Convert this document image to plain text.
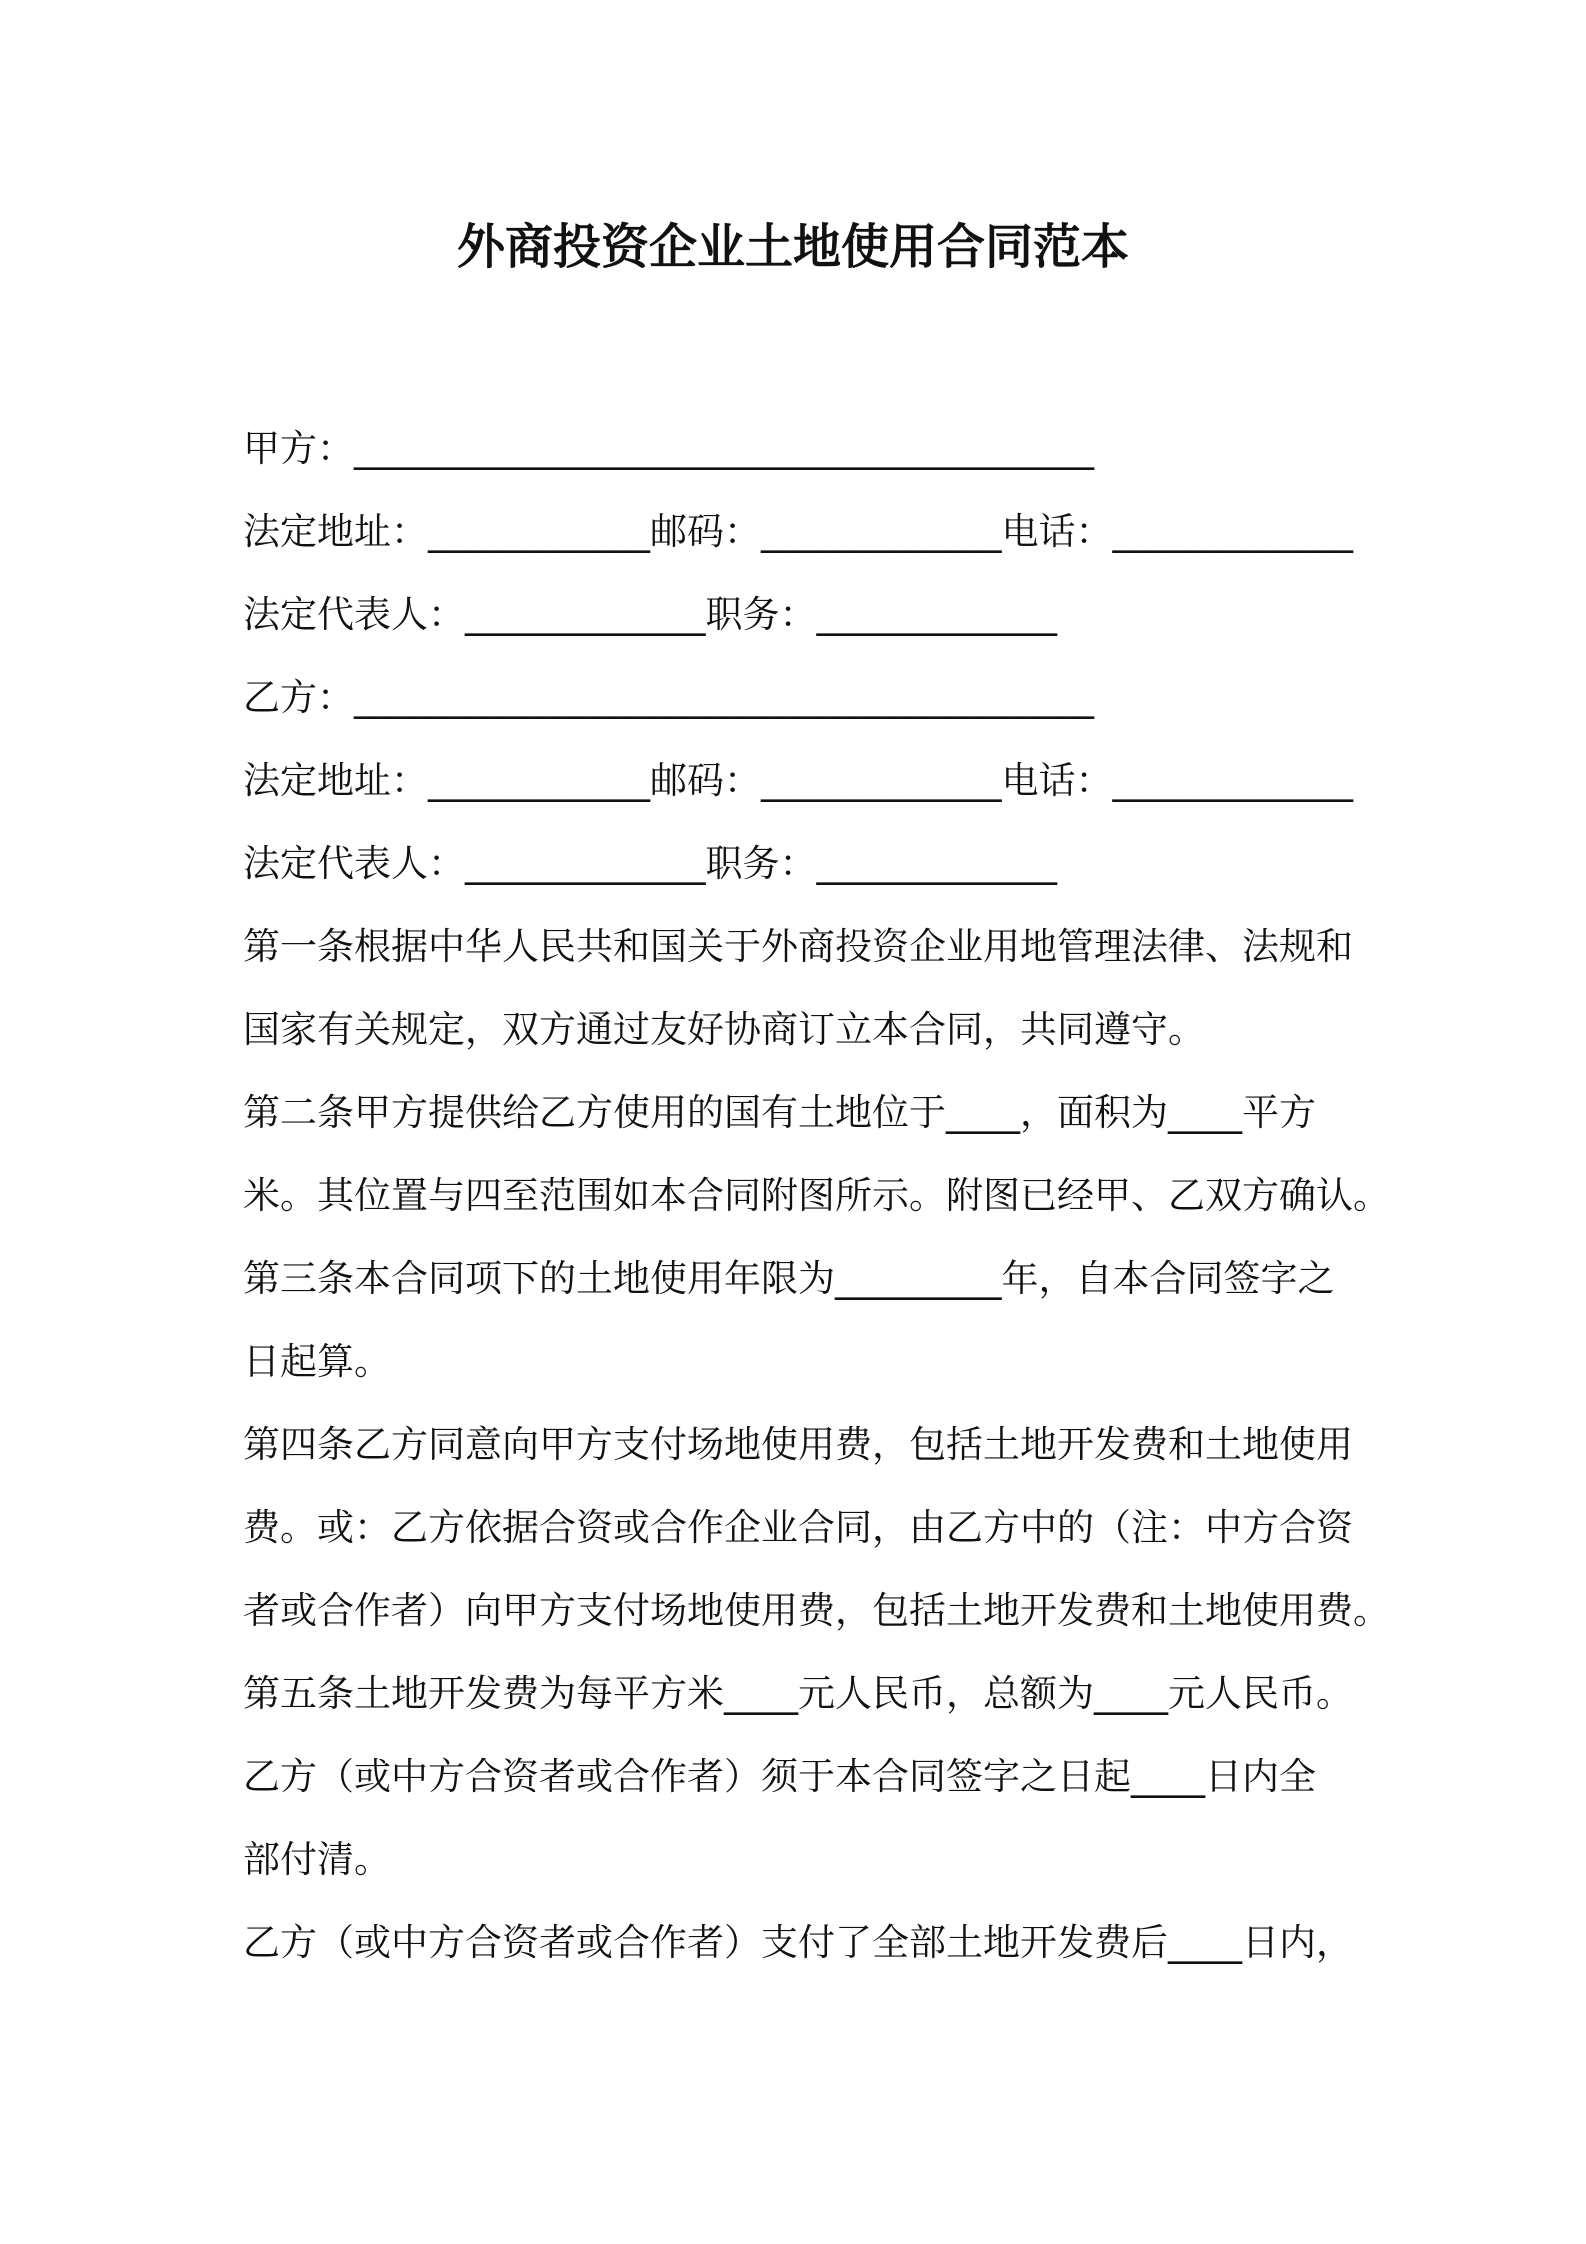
外商投资企业土地使用合同范本
甲方：________________________________________
法定地址：____________邮码：_____________电话：_____________
法定代表人：_____________职务：_____________
乙方：________________________________________
法定地址：____________邮码：_____________电话：_____________
法定代表人：_____________职务：_____________
第一条根据中华人民共和国关于外商投资企业用地管理法律、法规和
国家有关规定，双方通过友好协商订立本合同，共同遵守。
第二条甲方提供给乙方使用的国有土地位于____，面积为____平方
米。其位置与四至范围如本合同附图所示。附图已经甲、乙双方确认。
第三条本合同项下的土地使用年限为_________年，自本合同签字之
日起算。
第四条乙方同意向甲方支付场地使用费，包括土地开发费和土地使用
费。或：乙方依据合资或合作企业合同，由乙方中的（注：中方合资
者或合作者）向甲方支付场地使用费，包括土地开发费和土地使用费。
第五条土地开发费为每平方米____元人民币，总额为____元人民币。
乙方（或中方合资者或合作者）须于本合同签字之日起____日内全
部付清。
乙方（或中方合资者或合作者）支付了全部土地开发费后____日内，
